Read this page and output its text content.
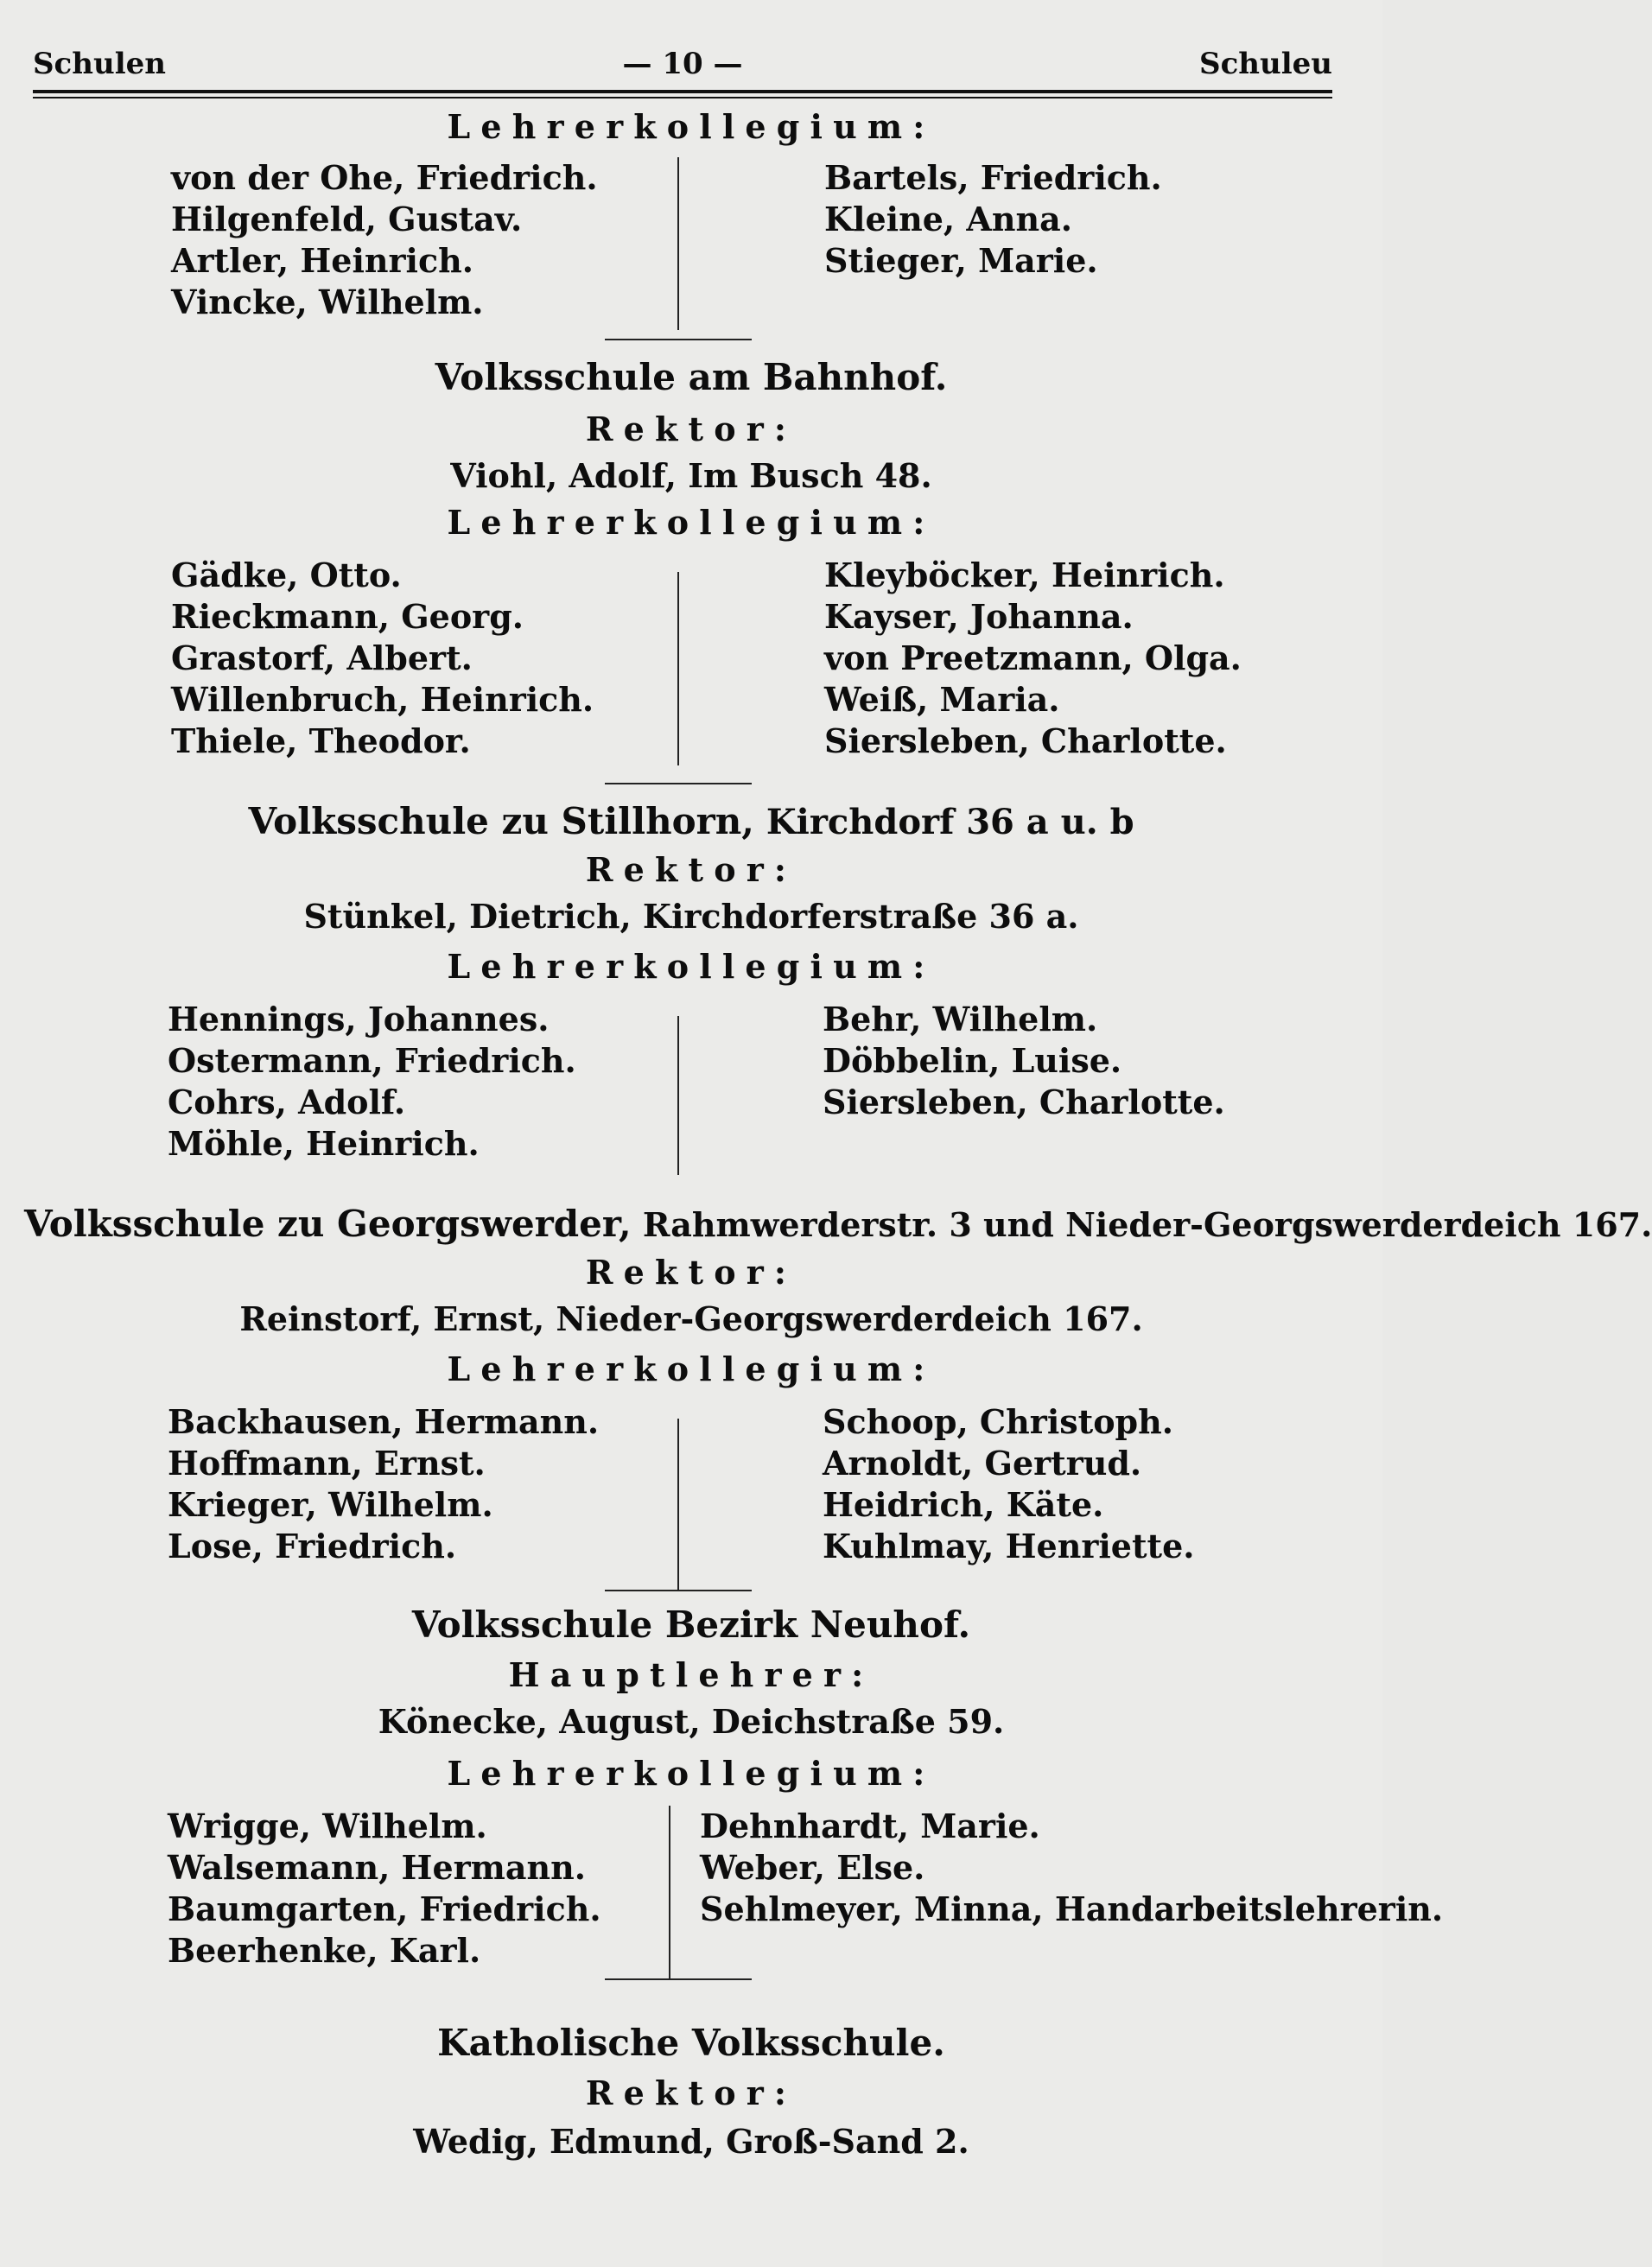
Schulen	— 10 —	Schuleu
Lehrerkollegium:
von der Ohe, Friedrich.
Hilgenfeld, Gustav.
Artler, Heinrich.
Vincke, Wilhelm.
Bartels, Friedrich.
Kleine, Anna.
Stieger, Marie.
Volksschule am Bahnhof.
Rektor:
Viohl, Adolf, Im Busch 48.
Lehrerkollegium:
Gädke, Otto.
Rieckmann, Georg.
Grastorf, Albert.
Willenbruch, Heinrich.
Thiele, Theodor.
Kleyböcker, Heinrich.
Kayser, Johanna.
von Preetzmann, Olga.
Weiß, Maria.
Siersleben, Charlotte.
Volksschule zu Stillhorn, Kirchdorf 36 a u. b
Rektor:
Stünkel, Dietrich, Kirchdorferstraße 36 a.
Lehrerkollegium:
Hennings, Johannes.
Ostermann, Friedrich.
Cohrs, Adolf.
Möhle, Heinrich.
Behr, Wilhelm.
Döbbelin, Luise.
Siersleben, Charlotte.
Volksschule zu Georgswerder, Rahmwerderstr. 3 und Nieder-Georgswerderdeich 167.
Rektor:
Reinstorf, Ernst, Nieder-Georgswerderdeich 167.
Lehrerkollegium:
Backhausen, Hermann.
Hoffmann, Ernst.
Krieger, Wilhelm.
Lose, Friedrich.
Schoop, Christoph.
Arnoldt, Gertrud.
Heidrich, Käte.
Kuhlmay, Henriette.
Volksschule Bezirk Neuhof.
Hauptlehrer:
Könecke, August, Deichstraße 59.
Lehrerkollegium:
Wrigge, Wilhelm.
Walsemann, Hermann.
Baumgarten, Friedrich.
Beerhenke, Karl.
Dehnhardt, Marie.
Weber, Else.
Sehlmeyer, Minna, Handarbeitslehrerin.
Katholische Volksschule.
Rektor:
Wedig, Edmund, Groß-Sand 2.
